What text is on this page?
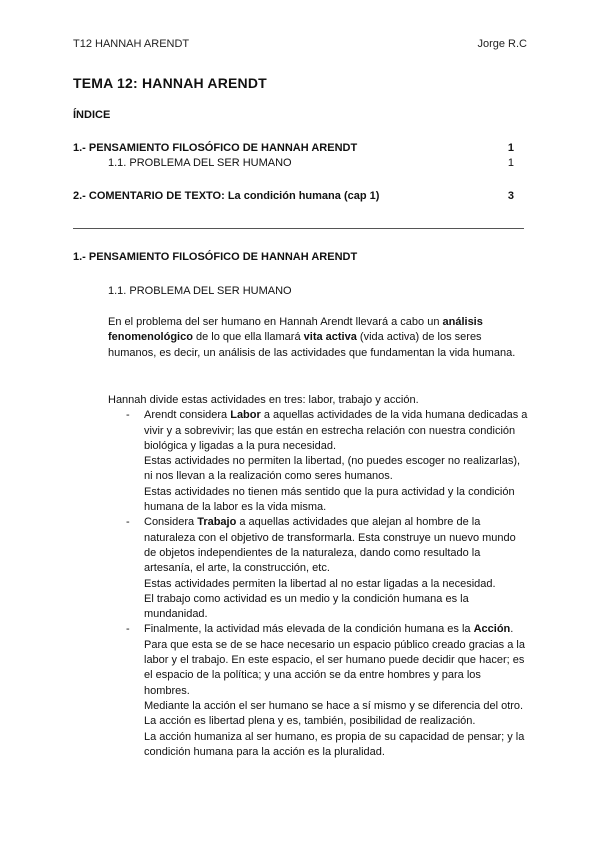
T12 HANNAH ARENDT	Jorge R.C
TEMA 12: HANNAH ARENDT
ÍNDICE
1.- PENSAMIENTO FILOSÓFICO DE HANNAH ARENDT	1
1.1. PROBLEMA DEL SER HUMANO	1
2.- COMENTARIO DE TEXTO: La condición humana (cap 1)	3
1.- PENSAMIENTO FILOSÓFICO DE HANNAH ARENDT
1.1. PROBLEMA DEL SER HUMANO
En el problema del ser humano en Hannah Arendt llevará a cabo un análisis fenomenológico de lo que ella llamará vita activa (vida activa) de los seres humanos, es decir, un análisis de las actividades que fundamentan la vida humana.

Hannah divide estas actividades en tres: labor, trabajo y acción.

- Arendt considera Labor a aquellas actividades de la vida humana dedicadas a vivir y a sobrevivir; las que están en estrecha relación con nuestra condición biológica y ligadas a la pura necesidad.

Estas actividades no permiten la libertad, (no puedes escoger no realizarlas), ni nos llevan a la realización como seres humanos.

Estas actividades no tienen más sentido que la pura actividad y la condición humana de la labor es la vida misma.

- Considera Trabajo a aquellas actividades que alejan al hombre de la naturaleza con el objetivo de transformarla. Esta construye un nuevo mundo de objetos independientes de la naturaleza, dando como resultado la artesanía, el arte, la construcción, etc.

Estas actividades permiten la libertad al no estar ligadas a la necesidad.

El trabajo como actividad es un medio y la condición humana es la mundanidad.

- Finalmente, la actividad más elevada de la condición humana es la Acción. Para que esta se de se hace necesario un espacio público creado gracias a la labor y el trabajo. En este espacio, el ser humano puede decidir que hacer; es el espacio de la política; y una acción se da entre hombres y para los hombres.

Mediante la acción el ser humano se hace a sí mismo y se diferencia del otro. La acción es libertad plena y es, también, posibilidad de realización.

La acción humaniza al ser humano, es propia de su capacidad de pensar; y la condición humana para la acción es la pluralidad.
